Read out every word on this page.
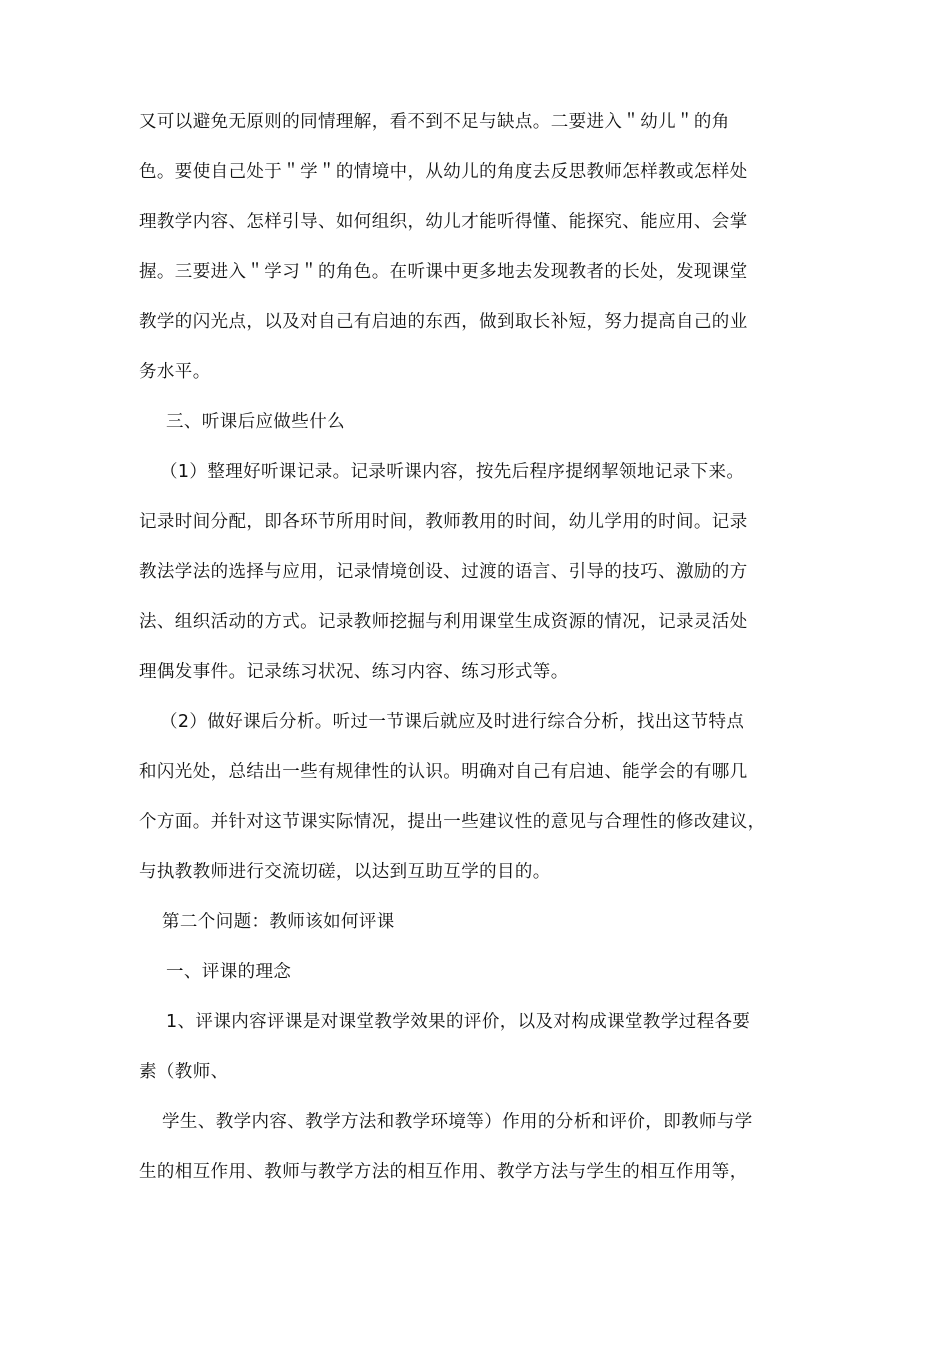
又可以避免无原则的同情理解，看不到不足与缺点。二要进入＂幼儿＂的角
色。要使自己处于＂学＂的情境中，从幼儿的角度去反思教师怎样教或怎样处
理教学内容、怎样引导、如何组织，幼儿才能听得懂、能探究、能应用、会掌
握。三要进入＂学习＂的角色。在听课中更多地去发现教者的长处，发现课堂
教学的闪光点，以及对自己有启迪的东西，做到取长补短，努力提高自己的业
务水平。
三、听课后应做些什么
（1）整理好听课记录。记录听课内容，按先后程序提纲挈领地记录下来。
记录时间分配，即各环节所用时间，教师教用的时间，幼儿学用的时间。记录
教法学法的选择与应用，记录情境创设、过渡的语言、引导的技巧、激励的方
法、组织活动的方式。记录教师挖掘与利用课堂生成资源的情况，记录灵活处
理偶发事件。记录练习状况、练习内容、练习形式等。
（2）做好课后分析。听过一节课后就应及时进行综合分析，找出这节特点
和闪光处，总结出一些有规律性的认识。明确对自己有启迪、能学会的有哪几
个方面。并针对这节课实际情况，提出一些建议性的意见与合理性的修改建议，
与执教教师进行交流切磋，以达到互助互学的目的。
第二个问题：教师该如何评课
一、评课的理念
1、评课内容评课是对课堂教学效果的评价，以及对构成课堂教学过程各要
素（教师、
学生、教学内容、教学方法和教学环境等）作用的分析和评价，即教师与学
生的相互作用、教师与教学方法的相互作用、教学方法与学生的相互作用等，
